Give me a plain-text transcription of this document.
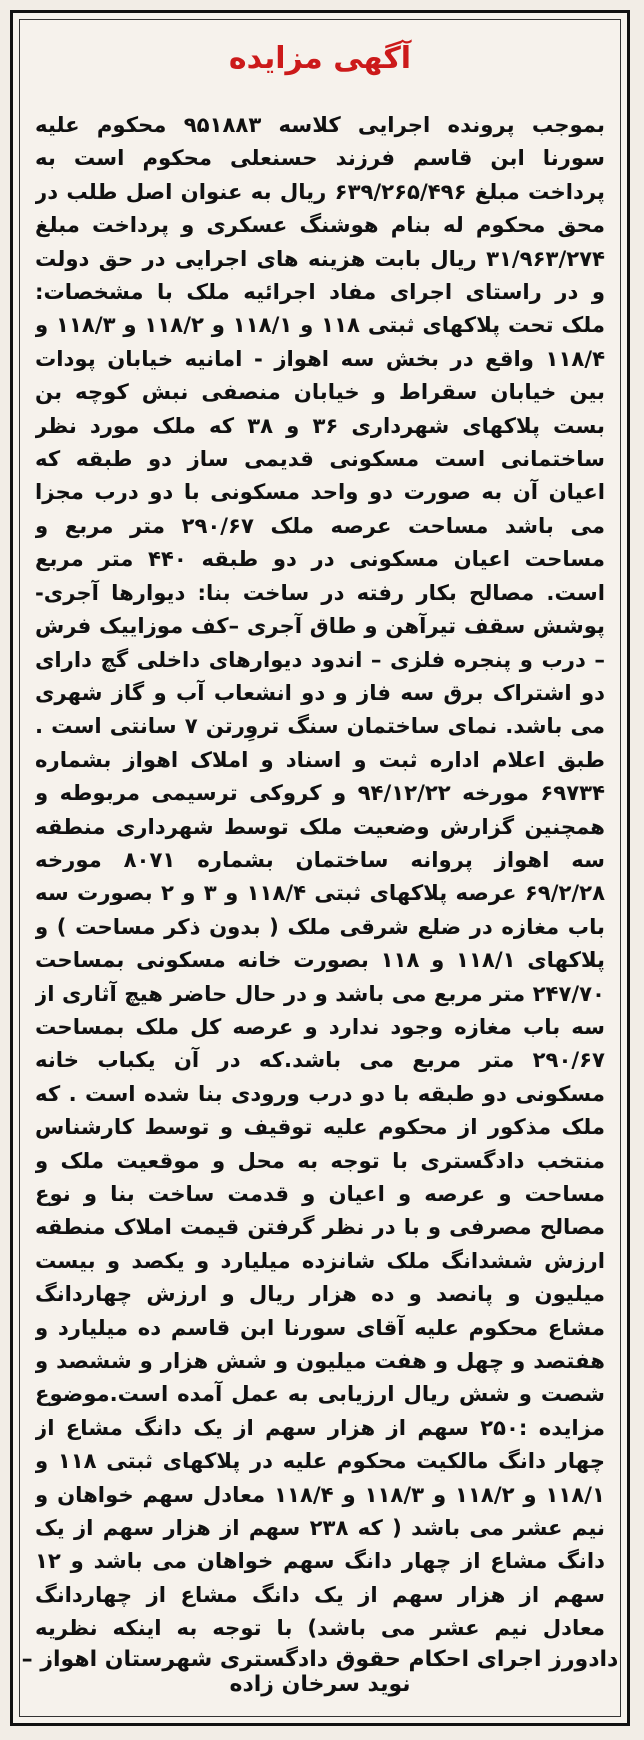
آگهی مزایده
بموجب پرونده اجرایی کلاسه ۹۵۱۸۸۳ محکوم علیه سورنا ابن قاسم فرزند حسنعلی محکوم است به پرداخت مبلغ ۶۳۹/۲۶۵/۴۹۶ ریال به عنوان اصل طلب در محق محکوم له بنام هوشنگ عسکری و پرداخت مبلغ ۳۱/۹۶۳/۲۷۴ ریال بابت هزینه های اجرایی در حق دولت و در راستای اجرای مفاد اجرائیه ملک با مشخصات: ملک تحت پلاکهای ثبتی ۱۱۸ و ۱۱۸/۱ و ۱۱۸/۲ و ۱۱۸/۳ و ۱۱۸/۴ واقع در بخش سه اهواز - امانیه خیابان پودات بین خیابان سقراط و خیابان منصفی نبش کوچه بن بست پلاکهای شهرداری ۳۶ و ۳۸ که ملک مورد نظر ساختمانی است مسکونی قدیمی ساز دو طبقه که اعیان آن به صورت دو واحد مسکونی با دو درب مجزا می باشد مساحت عرصه ملک ۲۹۰/۶۷ متر مربع و مساحت اعیان مسکونی در دو طبقه ۴۴۰ متر مربع است. مصالح بکار رفته در ساخت بنا: دیوارها آجری- پوشش سقف تیرآهن و طاق آجری –کف موزاییک فرش – درب و پنجره فلزی – اندود دیوارهای داخلی گچ دارای دو اشتراک برق سه فاز و دو انشعاب آب و گاز شهری می باشد. نمای ساختمان سنگ تروِرتن ۷ سانتی است . طبق اعلام اداره ثبت و اسناد و املاک اهواز بشماره ۶۹۷۳۴ مورخه ۹۴/۱۲/۲۲ و کروکی ترسیمی مربوطه و همچنین گزارش وضعیت ملک توسط شهرداری منطقه سه اهواز پروانه ساختمان بشماره ۸۰۷۱ مورخه ۶۹/۲/۲۸ عرصه پلاکهای ثبتی ۱۱۸/۴ و ۳ و ۲ بصورت سه باب مغازه در ضلع شرقی ملک ( بدون ذکر مساحت ) و پلاکهای ۱۱۸/۱ و ۱۱۸ بصورت خانه مسکونی بمساحت ۲۴۷/۷۰ متر مربع می باشد و در حال حاضر هیچ آثاری از سه باب مغازه وجود ندارد و عرصه کل ملک بمساحت ۲۹۰/۶۷ متر مربع می باشد.که در آن یکباب خانه مسکونی دو طبقه با دو درب ورودی بنا شده است . که ملک مذکور از محکوم علیه توقیف و توسط کارشناس منتخب دادگستری با توجه به محل و موقعیت ملک و مساحت و عرصه و اعیان و قدمت ساخت بنا و نوع مصالح مصرفی و با در نظر گرفتن قیمت املاک منطقه ارزش ششدانگ ملک شانزده میلیارد و یکصد و بیست میلیون و پانصد و ده هزار ریال و ارزش چهاردانگ مشاع محکوم علیه آقای سورنا ابن قاسم ده میلیارد و هفتصد و چهل و هفت میلیون و شش هزار و ششصد و شصت و شش ریال ارزیابی به عمل آمده است.موضوع مزایده :۲۵۰ سهم از هزار سهم از یک دانگ مشاع از چهار دانگ مالکیت محکوم علیه در پلاکهای ثبتی ۱۱۸ و ۱۱۸/۱ و ۱۱۸/۲ و ۱۱۸/۳ و ۱۱۸/۴ معادل سهم خواهان و نیم عشر می باشد ( که ۲۳۸ سهم از هزار سهم از یک دانگ مشاع از چهار دانگ سهم خواهان می باشد و ۱۲ سهم از هزار سهم از یک دانگ مشاع از چهاردانگ معادل نیم عشر می باشد) با توجه به اینکه نظریه
دادورز اجرای احکام حقوق دادگستری شهرستان اهواز – نوید سرخان زاده
